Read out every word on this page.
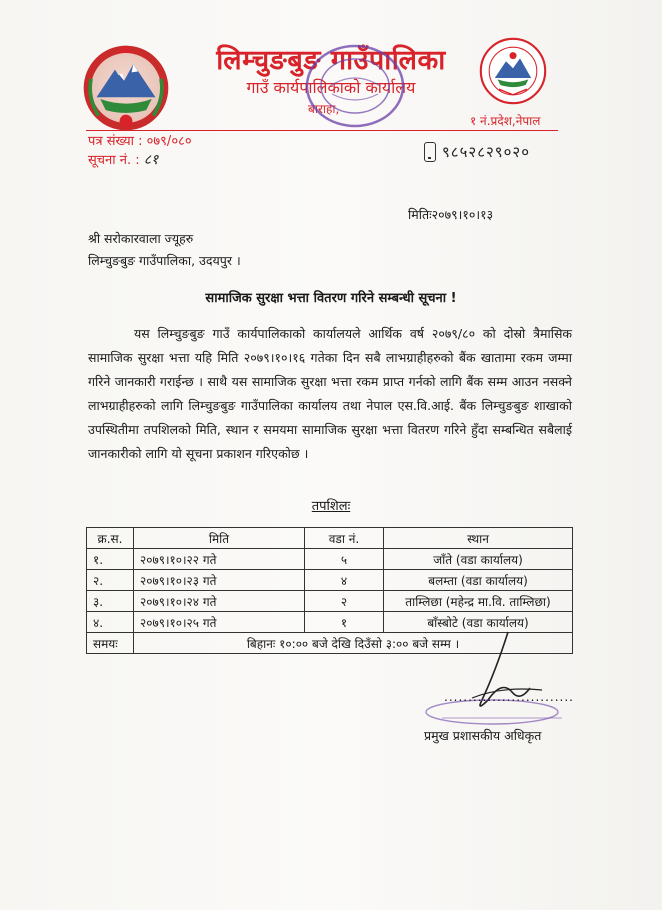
लिम्चुङबुङ गाउँपालिका
गाउँ कार्यपालिकाको कार्यालय
बाराहा,
१ नं.प्रदेश,नेपाल
पत्र संख्या : ०७९/०८०
सूचना नं. : ८१	९८५२८२९०२०
मितिः२०७९।१०।१३
श्री सरोकारवाला ज्यूहरु
लिम्चुङबुङ गाउँपालिका, उदयपुर ।
सामाजिक सुरक्षा भत्ता वितरण गरिने सम्बन्धी सूचना !
यस लिम्चुङबुङ गाउँ कार्यपालिकाको कार्यालयले आर्थिक वर्ष २०७९/८० को दोस्रो त्रैमासिक सामाजिक सुरक्षा भत्ता यहि मिति २०७९।१०।१६ गतेका दिन सबै लाभग्राहीहरुको बैंक खातामा रकम जम्मा गरिने जानकारी गराईन्छ । साथै यस सामाजिक सुरक्षा भत्ता रकम प्राप्त गर्नको लागि बैंक सम्म आउन नसक्ने लाभग्राहीहरुको लागि लिम्चुङबुङ गाउँपालिका कार्यालय तथा नेपाल एस.वि.आई. बैंक लिम्चुङबुङ शाखाको उपस्थितीमा तपशिलको मिति, स्थान र समयमा सामाजिक सुरक्षा भत्ता वितरण गरिने हुँदा सम्बन्धित सबैलाई जानकारीको लागि यो सूचना प्रकाशन गरिएकोछ ।
तपशिलः
क्र.स.	मिति	वडा नं.	स्थान
१.	२०७९।१०।२२ गते	५	जाँते (वडा कार्यालय)
२.	२०७९।१०।२३ गते	४	बलम्ता (वडा कार्यालय)
३.	२०७९।१०।२४ गते	२	ताम्लिछा (महेन्द्र मा.वि. ताम्लिछा)
४.	२०७९।१०।२५ गते	१	बाँस्बोटे (वडा कार्यालय)
समयः	बिहानः १०:०० बजे देखि दिउँसो ३:०० बजे सम्म ।		
...........................
प्रमुख प्रशासकीय अधिकृत
